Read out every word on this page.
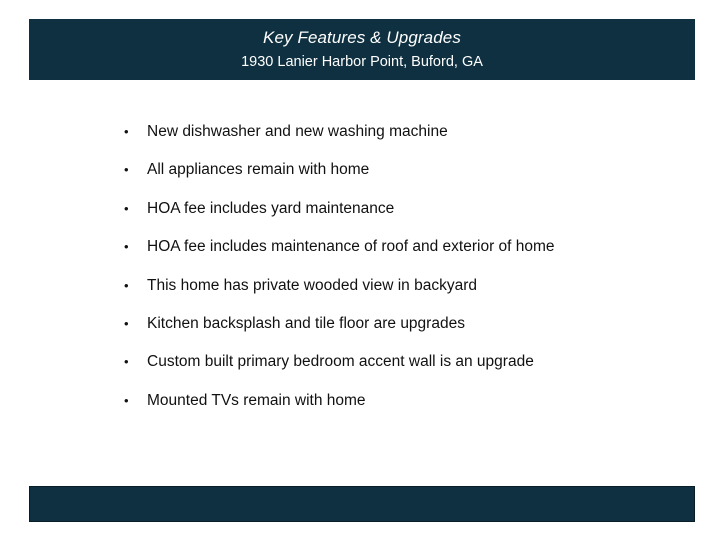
Key Features & Upgrades
1930 Lanier Harbor Point, Buford, GA
• New dishwasher and new washing machine
• All appliances remain with home
• HOA fee includes yard maintenance
• HOA fee includes maintenance of roof and exterior of home
• This home has private wooded view in backyard
• Kitchen backsplash and tile floor are upgrades
• Custom built primary bedroom accent wall is an upgrade
• Mounted TVs remain with home
